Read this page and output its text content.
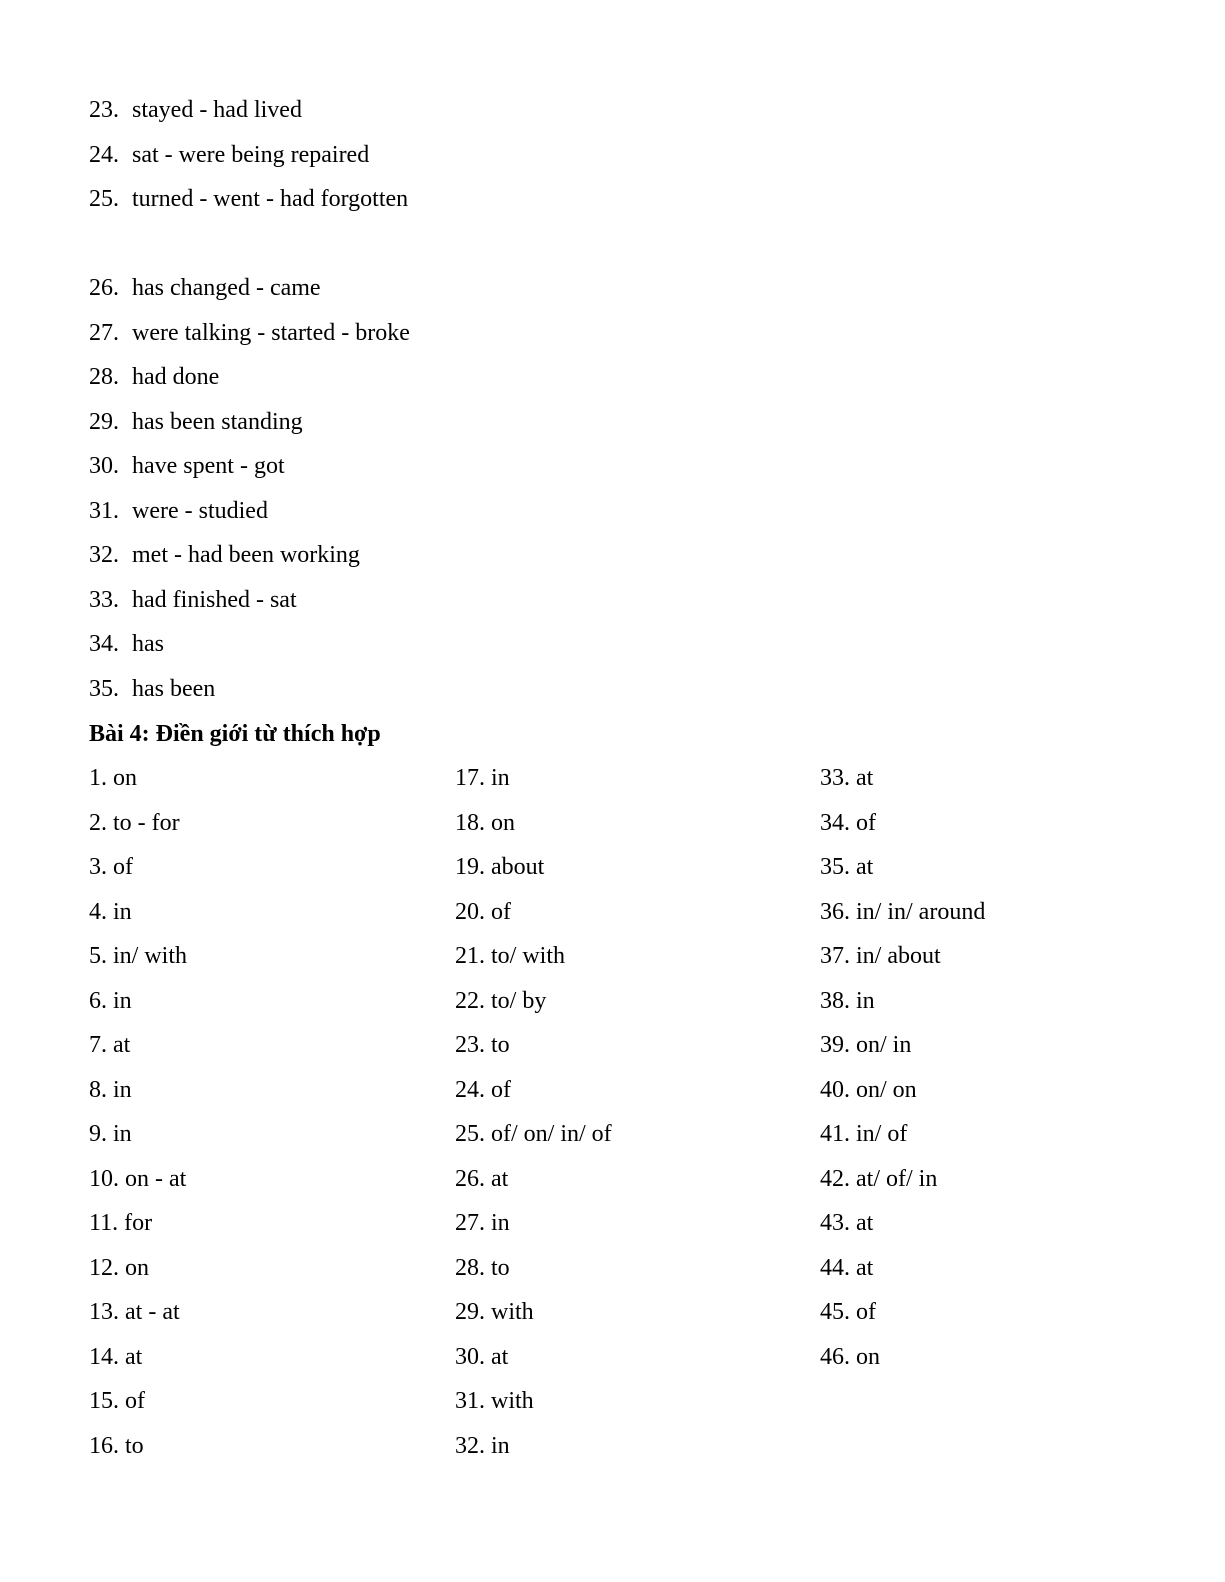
23. stayed - had lived
24. sat - were being repaired
25. turned - went - had forgotten
26. has changed - came
27. were talking - started - broke
28. had done
29. has been standing
30. have spent - got
31. were - studied
32. met - had been working
33. had finished - sat
34. has
35. has been
Bài 4: Điền giới từ thích hợp
1. on
2. to - for
3. of
4. in
5. in/ with
6. in
7. at
8. in
9. in
10. on - at
11. for
12. on
13. at - at
14. at
15. of
16. to
17. in
18. on
19. about
20. of
21. to/ with
22. to/ by
23. to
24. of
25. of/ on/ in/ of
26. at
27. in
28. to
29. with
30. at
31. with
32. in
33. at
34. of
35. at
36. in/ in/ around
37. in/ about
38. in
39. on/ in
40. on/ on
41. in/ of
42. at/ of/ in
43. at
44. at
45. of
46. on
